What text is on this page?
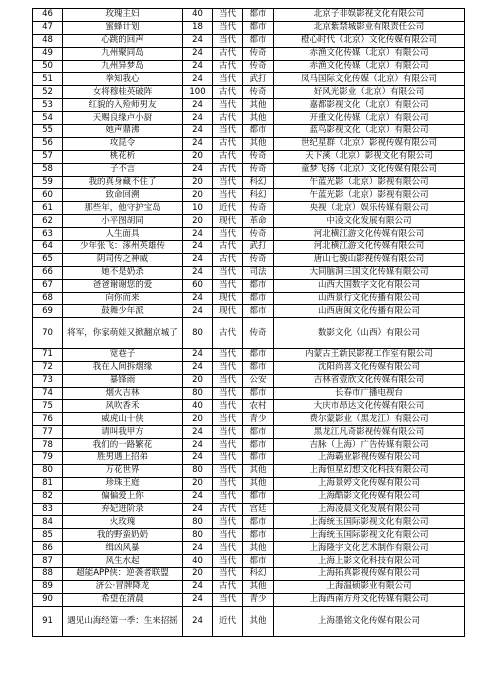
46	玫瑰主妇	40	当代	都市	北京子非娱影视文化有限公司
47	蜜蜂计划	18	当代	都市	北京紫禁城影业有限责任公司
48	心跳的回声	24	当代	都市	橙心时代（北京）文化传媒有限公司
49	九州聚同岛	24	古代	传奇	赤渔文化传媒（北京）有限公司
50	九州异梦岛	24	古代	传奇	赤渔文化传媒（北京）有限公司
51	拳知我心	24	当代	武打	凤马国际文化传媒（北京）有限公司
52	女将穆桂英破阵	100	古代	传奇	好风光影业（北京）有限公司
53	红貌的入殓师男友	24	当代	其他	嘉都影视文化（北京）有限公司
54	天赐良缘卢小厨	24	古代	其他	开重文化传媒（北京）有限公司
55	她声鼎沸	24	当代	都市	蓝鸟影视文化（北京）有限公司
56	攻昆令	24	古代	其他	世纪星群（北京）影视传媒有限公司
57	桃花析	20	古代	传奇	天下溪（北京）影视文化有限公司
58	子不言	24	古代	传奇	童梦飞扬（北京）文化传媒有限公司
59	我的真身藏不住了	20	当代	科幻	午蓝光影（北京）影视有限公司
60	致命回溯	20	当代	科幻	午蓝光影（北京）影视有限公司
61	那些年，他守护宝岛	10	近代	传奇	央视（北京）娱乐传媒有限公司
62	小平图胡同	20	现代	革命	中凌文化发展有限公司
63	人生面具	24	当代	传奇	河北横江游文化传媒有限公司
64	少年张飞：涿州英雄传	24	古代	武打	河北横江游文化传媒有限公司
65	阴司传之神威	24	古代	传奇	唐山七骏山影视传媒有限公司
66	她不是奶杀	24	当代	司法	大同脑洞三国文化传媒有限公司
67	爸爸谢谢您的爱	60	当代	都市	山西大国数字文化有限公司
68	向你而来	24	现代	都市	山西景行文化传播有限公司
69	鼓舞少年派	24	现代	都市	山西唐闽文化传播有限公司
70	将军，你家萌娃又掀翻京城了	80	古代	传奇	数影文化（山西）有限公司
71	宽巷子	24	当代	都市	内蒙古王新民影视工作室有限公司
72	我在人间拆烟缘	24	当代	都市	沈阳尚喜文化传媒有限公司
73	暴锋雨	20	当代	公安	吉林省壹欣文化传媒有限公司
74	烟火吉林	80	当代	都市	长春市广播电视台
75	风吹香禾	40	当代	农村	大庆市昂达文化传媒有限公司
76	威虎山十侠	20	当代	青少	费尔蒙影业（黑龙江）有限公司
77	请叫我甲方	24	当代	都市	黑龙江凡奇影视传媒有限公司
78	我们的一路繁花	24	当代	都市	吉脉（上海）广告传媒有限公司
79	胜男遇上招弟	24	当代	都市	上海霸业影视传媒有限公司
80	万花世界	80	当代	其他	上海恒星幻想文化科技有限公司
81	珍珠王庭	20	当代	其他	上海景婷文化传媒有限公司
82	偏偏爱上你	24	当代	都市	上海酷影文化传媒有限公司
83	弃妃进阶录	24	古代	宫廷	上海凌晨文化发展有限公司
84	火玫瑰	80	当代	都市	上海统玉国际影视文化有限公司
85	我的野蛮奶奶	80	当代	都市	上海统玉国际影视文化有限公司
86	缉凶风暴	24	当代	其他	上海隆宇文化艺术制作有限公司
87	风生水起	40	当代	都市	上海上影文化科技有限公司
88	超能APP侠：逆袭者联盟	20	当代	科幻	上海拓真影视传媒有限公司
89	济公·冒牌降龙	24	古代	其他	上海温硕影业有限公司
90	希望在清晨	24	当代	青少	上海西南方舟文化传媒有限公司
91	遇见山海经第一季：生来招摇	24	近代	其他	上海墨铭文化传媒有限公司
